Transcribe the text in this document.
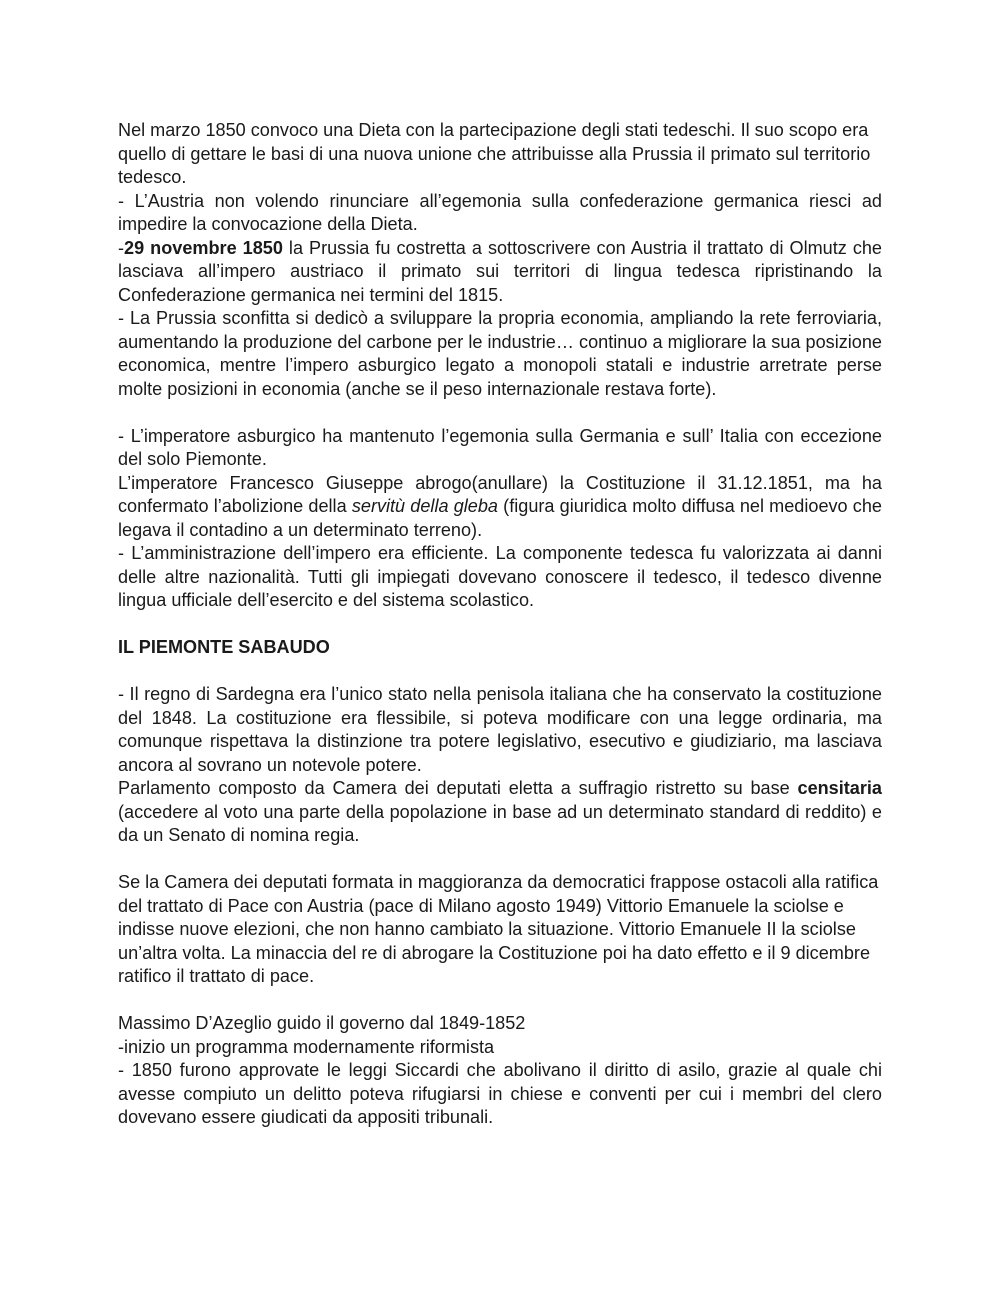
Nel marzo 1850 convoco una Dieta con la partecipazione degli stati tedeschi. Il suo scopo era quello di gettare le basi di una nuova unione che attribuisse alla Prussia il primato sul territorio tedesco.

- L’Austria non volendo rinunciare all’egemonia sulla confederazione germanica riesci ad impedire la convocazione della Dieta.

-29 novembre 1850 la Prussia fu costretta a sottoscrivere con Austria il trattato di Olmutz che lasciava all’impero austriaco il primato sui territori di lingua tedesca ripristinando la Confederazione germanica nei termini del 1815.

- La Prussia sconfitta si dedicò a sviluppare la propria economia, ampliando la rete ferroviaria, aumentando la produzione del carbone per le industrie… continuo a migliorare la sua posizione economica, mentre l’impero asburgico legato a monopoli statali e industrie arretrate perse molte posizioni in economia (anche se il peso internazionale restava forte).

- L’imperatore asburgico ha mantenuto l’egemonia sulla Germania e sull’ Italia con eccezione del solo Piemonte.

L’imperatore Francesco Giuseppe abrogo(anullare) la Costituzione il 31.12.1851, ma ha confermato l’abolizione della servitù della gleba (figura giuridica molto diffusa nel medioevo che legava il contadino a un determinato terreno).

- L’amministrazione dell’impero era efficiente. La componente tedesca fu valorizzata ai danni delle altre nazionalità. Tutti gli impiegati dovevano conoscere il tedesco, il tedesco divenne lingua ufficiale dell’esercito e del sistema scolastico.

IL PIEMONTE SABAUDO

- Il regno di Sardegna era l’unico stato nella penisola italiana che ha conservato la costituzione del 1848. La costituzione era flessibile, si poteva modificare con una legge ordinaria, ma comunque rispettava la distinzione tra potere legislativo, esecutivo e giudiziario, ma lasciava ancora al sovrano un notevole potere.

Parlamento composto da Camera dei deputati eletta a suffragio ristretto su base censitaria (accedere al voto una parte della popolazione in base ad un determinato standard di reddito) e da un Senato di nomina regia.

Se la Camera dei deputati formata in maggioranza da democratici frappose ostacoli alla ratifica del trattato di Pace con Austria (pace di Milano agosto 1949) Vittorio Emanuele la sciolse e indisse nuove elezioni, che non hanno cambiato la situazione. Vittorio Emanuele II la sciolse un’altra volta. La minaccia del re di abrogare la Costituzione poi ha dato effetto e il 9 dicembre ratifico il trattato di pace.

Massimo D’Azeglio guido il governo dal 1849-1852

-inizio un programma modernamente riformista

- 1850 furono approvate le leggi Siccardi che abolivano il diritto di asilo, grazie al quale chi avesse compiuto un delitto poteva rifugiarsi in chiese e conventi per cui i membri del clero dovevano essere giudicati da appositi tribunali.
